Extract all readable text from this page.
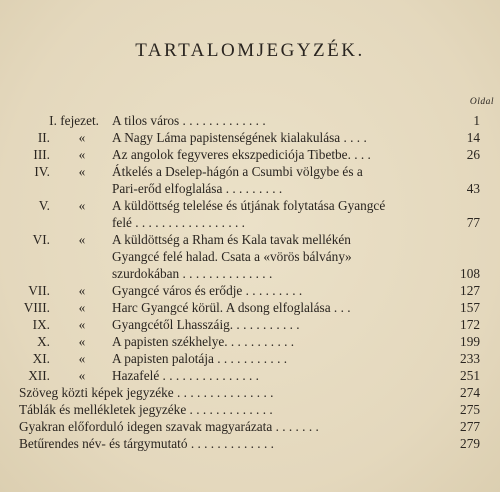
TARTALOMJEGYZÉK.
Oldal
I. fejezet. A tilos város . . . . . . . . . . . . .	1
II.	«	A Nagy Láma papistenségének kialakulása . . . .	14
III.	«	Az angolok fegyveres ekszpediciója Tibetbe. . . .	26
IV.	«	Átkelés a Dselep-hágón a Csumbi völgybe és a
Pari-erőd elfoglalása . . . . . . . . .	43
V.	«	A küldöttség telelése és útjának folytatása Gyangcé
felé . . . . . . . . . . . . . . . . .	77
VI.	«	A küldöttség a Rham és Kala tavak mellékén
Gyangcé felé halad. Csata a «vörös bálvány»
szurdokában . . . . . . . . . . . . . .	108
VII.	«	Gyangcé város és erődje . . . . . . . . .	127
VIII.	«	Harc Gyangcé körül. A dsong elfoglalása . . .	157
IX.	«	Gyangcétől Lhasszáig. . . . . . . . . . .	172
X.	«	A papisten székhelye. . . . . . . . . . .	199
XI.	«	A papisten palotája . . . . . . . . . . .	233
XII.	«	Hazafelé . . . . . . . . . . . . . . .	251
Szöveg közti képek jegyzéke . . . . . . . . . . . . . . .	274
Táblák és mellékletek jegyzéke . . . . . . . . . . . . .	275
Gyakran előforduló idegen szavak magyarázata . . . . . . .	277
Betűrendes név- és tárgymutató . . . . . . . . . . . . .	279
